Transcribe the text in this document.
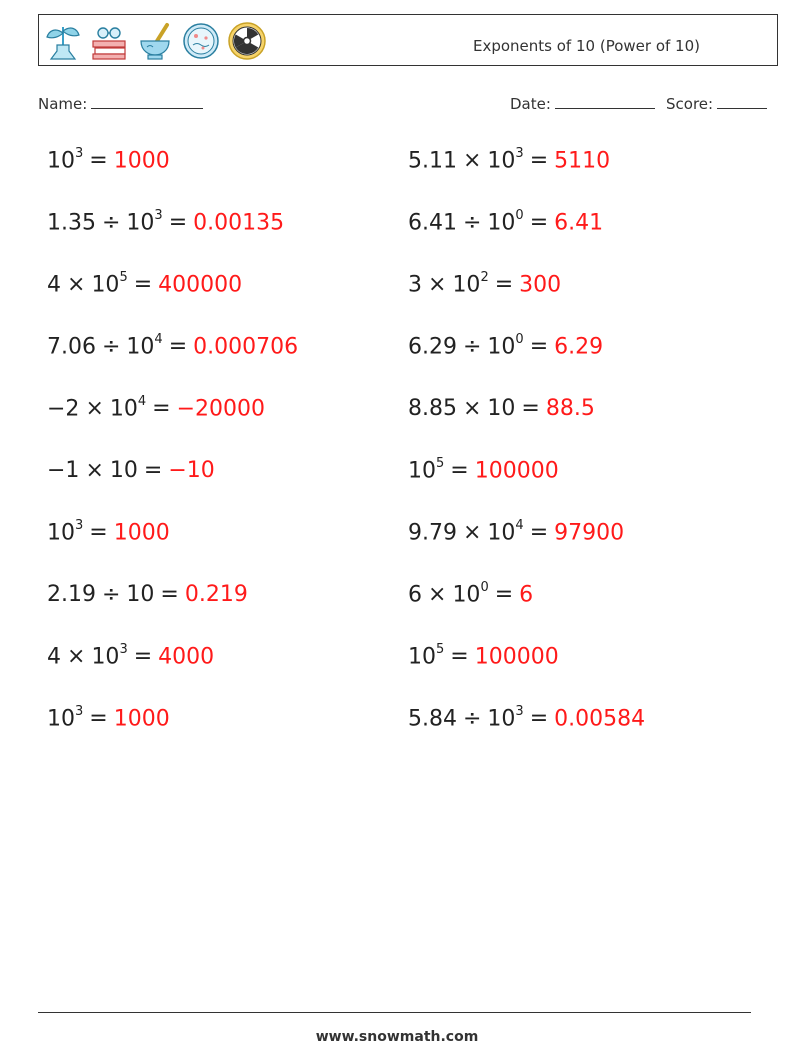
Exponents of 10 (Power of 10)
Name:	Date:	Score:
$10^3 = 1000$
$1.35 \div 10^3 = 0.00135$
$4 \times 10^5 = 400000$
$7.06 \div 10^4 = 0.000706$
$-2 \times 10^4 = -20000$
−1 × 10 = −10
$10^3 = 1000$
2.19 ÷ 10 = 0.219
$4 \times 10^3 = 4000$
$10^3 = 1000$
$5.11 \times 10^3 = 5110$
$6.41 \div 10^0 = 6.41$
$3 \times 10^2 = 300$
$6.29 \div 10^0 = 6.29$
8.85 × 10 = 88.5
$10^5 = 100000$
$9.79 \times 10^4 = 97900$
$6 \times 10^0 = 6$
$10^5 = 100000$
$5.84 \div 10^3 = 0.00584$
www.snowmath.com
